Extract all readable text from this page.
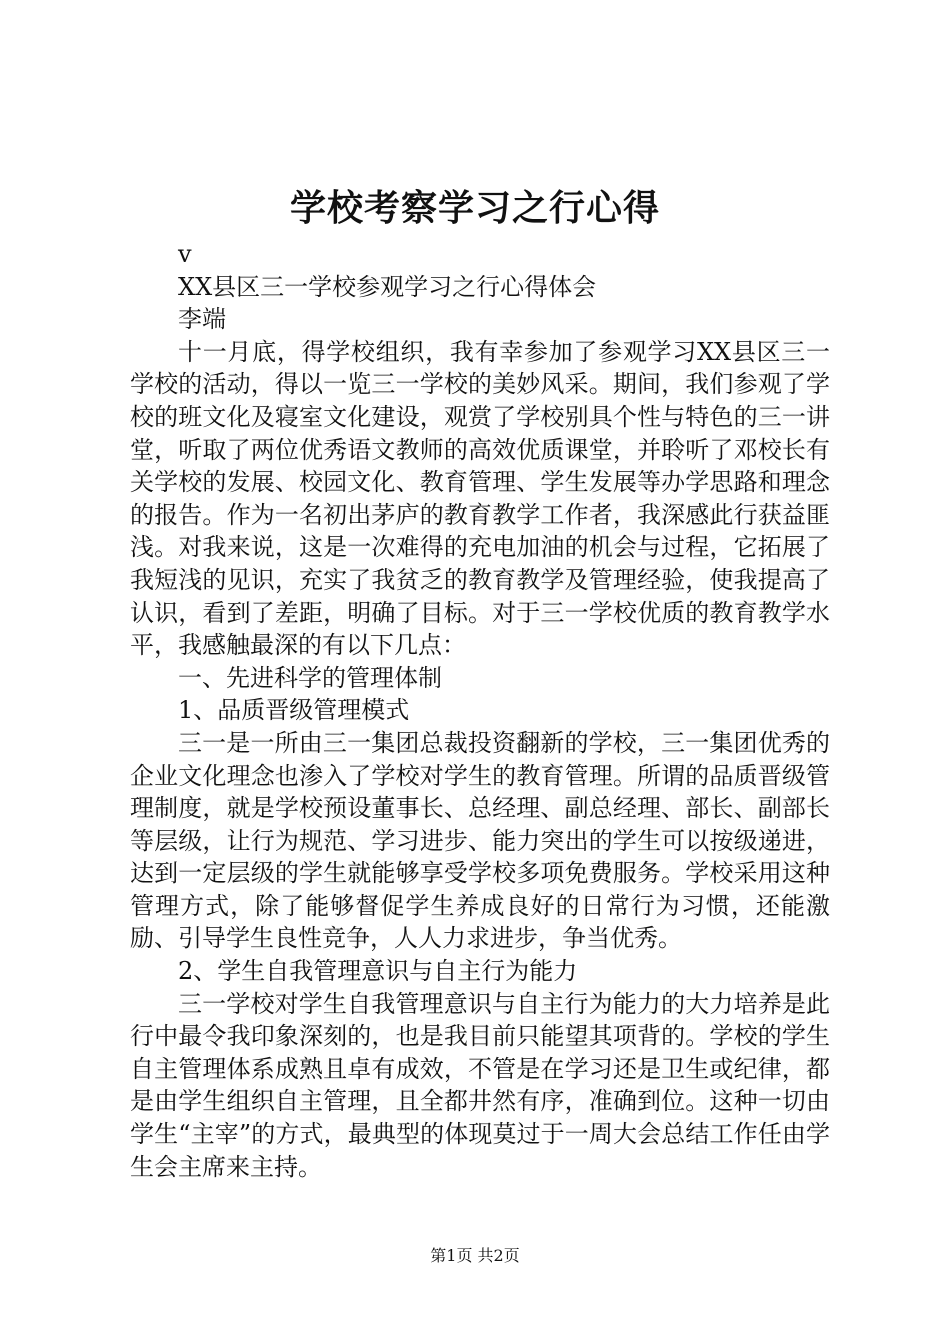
学校考察学习之行心得
v
XX县区三一学校参观学习之行心得体会
李端

十一月底，得学校组织，我有幸参加了参观学习XX县区三一学校的活动，得以一览三一学校的美妙风采。期间，我们参观了学校的班文化及寝室文化建设，观赏了学校别具个性与特色的三一讲堂，听取了两位优秀语文教师的高效优质课堂，并聆听了邓校长有关学校的发展、校园文化、教育管理、学生发展等办学思路和理念的报告。作为一名初出茅庐的教育教学工作者，我深感此行获益匪浅。对我来说，这是一次难得的充电加油的机会与过程，它拓展了我短浅的见识，充实了我贫乏的教育教学及管理经验，使我提高了认识，看到了差距，明确了目标。对于三一学校优质的教育教学水平，我感触最深的有以下几点：

一、先进科学的管理体制
1、品质晋级管理模式

三一是一所由三一集团总裁投资翻新的学校，三一集团优秀的企业文化理念也渗入了学校对学生的教育管理。所谓的品质晋级管理制度，就是学校预设董事长、总经理、副总经理、部长、副部长等层级，让行为规范、学习进步、能力突出的学生可以按级递进，达到一定层级的学生就能够享受学校多项免费服务。学校采用这种管理方式，除了能够督促学生养成良好的日常行为习惯，还能激励、引导学生良性竞争，人人力求进步，争当优秀。

2、学生自我管理意识与自主行为能力

三一学校对学生自我管理意识与自主行为能力的大力培养是此行中最令我印象深刻的，也是我目前只能望其项背的。学校的学生自主管理体系成熟且卓有成效，不管是在学习还是卫生或纪律，都是由学生组织自主管理，且全都井然有序，准确到位。这种一切由学生“主宰”的方式，最典型的体现莫过于一周大会总结工作任由学生会主席来主持。

第1页 共2页
